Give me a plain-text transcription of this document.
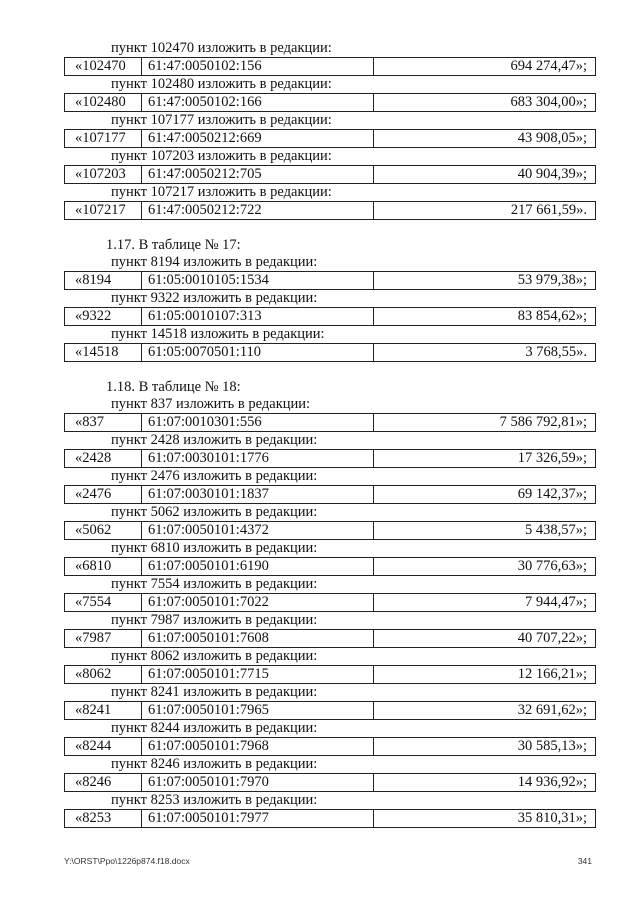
пункт 102470 изложить в редакции:
«102470	61:47:0050102:156	694 274,47»;
пункт 102480 изложить в редакции:
«102480	61:47:0050102:166	683 304,00»;
пункт 107177 изложить в редакции:
«107177	61:47:0050212:669	43 908,05»;
пункт 107203 изложить в редакции:
«107203	61:47:0050212:705	40 904,39»;
пункт 107217 изложить в редакции:
«107217	61:47:0050212:722	217 661,59».
1.17. В таблице № 17:
пункт 8194 изложить в редакции:
«8194	61:05:0010105:1534	53 979,38»;
пункт 9322 изложить в редакции:
«9322	61:05:0010107:313	83 854,62»;
пункт 14518 изложить в редакции:
«14518	61:05:0070501:110	3 768,55».
1.18. В таблице № 18:
пункт 837 изложить в редакции:
«837	61:07:0010301:556	7 586 792,81»;
пункт 2428 изложить в редакции:
«2428	61:07:0030101:1776	17 326,59»;
пункт 2476 изложить в редакции:
«2476	61:07:0030101:1837	69 142,37»;
пункт 5062 изложить в редакции:
«5062	61:07:0050101:4372	5 438,57»;
пункт 6810 изложить в редакции:
«6810	61:07:0050101:6190	30 776,63»;
пункт 7554 изложить в редакции:
«7554	61:07:0050101:7022	7 944,47»;
пункт 7987 изложить в редакции:
«7987	61:07:0050101:7608	40 707,22»;
пункт 8062 изложить в редакции:
«8062	61:07:0050101:7715	12 166,21»;
пункт 8241 изложить в редакции:
«8241	61:07:0050101:7965	32 691,62»;
пункт 8244 изложить в редакции:
«8244	61:07:0050101:7968	30 585,13»;
пункт 8246 изложить в редакции:
«8246	61:07:0050101:7970	14 936,92»;
пункт 8253 изложить в редакции:
«8253	61:07:0050101:7977	35 810,31»;
Y:\ORST\Ppo\1226p874.f18.docx	341
